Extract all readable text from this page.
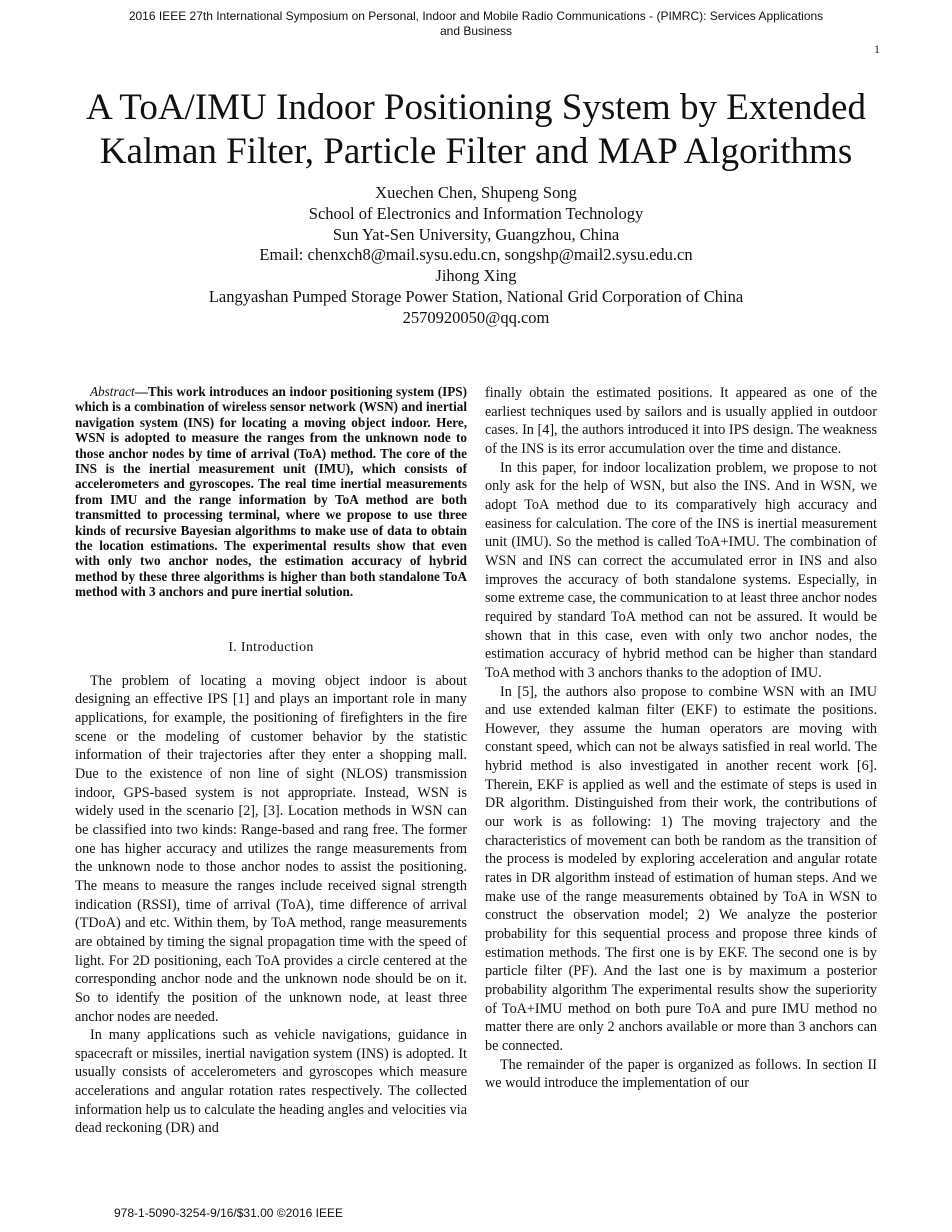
2016 IEEE 27th International Symposium on Personal, Indoor and Mobile Radio Communications - (PIMRC): Services Applications
and Business
1
A ToA/IMU Indoor Positioning System by Extended Kalman Filter, Particle Filter and MAP Algorithms
Xuechen Chen, Shupeng Song
School of Electronics and Information Technology
Sun Yat-Sen University, Guangzhou, China
Email: chenxch8@mail.sysu.edu.cn, songshp@mail2.sysu.edu.cn
Jihong Xing
Langyashan Pumped Storage Power Station, National Grid Corporation of China
2570920050@qq.com

Abstract—This work introduces an indoor positioning system (IPS) which is a combination of wireless sensor network (WSN) and inertial navigation system (INS) for locating a moving object indoor. Here, WSN is adopted to measure the ranges from the unknown node to those anchor nodes by time of arrival (ToA) method. The core of the INS is the inertial measurement unit (IMU), which consists of accelerometers and gyroscopes. The real time inertial measurements from IMU and the range information by ToA method are both transmitted to processing terminal, where we propose to use three kinds of recursive Bayesian algorithms to make use of data to obtain the location estimations. The experimental results show that even with only two anchor nodes, the estimation accuracy of hybrid method by these three algorithms is higher than both standalone ToA method with 3 anchors and pure inertial solution.

I. Introduction

The problem of locating a moving object indoor is about designing an effective IPS [1] and plays an important role in many applications, for example, the positioning of firefighters in the fire scene or the modeling of customer behavior by the statistic information of their trajectories after they enter a shopping mall. Due to the existence of non line of sight (NLOS) transmission indoor, GPS-based system is not appropriate. Instead, WSN is widely used in the scenario [2], [3]. Location methods in WSN can be classified into two kinds: Range-based and rang free. The former one has higher accuracy and utilizes the range measurements from the unknown node to those anchor nodes to assist the positioning. The means to measure the ranges include received signal strength indication (RSSI), time of arrival (ToA), time difference of arrival (TDoA) and etc. Within them, by ToA method, range measurements are obtained by timing the signal propagation time with the speed of light. For 2D positioning, each ToA provides a circle centered at the corresponding anchor node and the unknown node should be on it. So to identify the position of the unknown node, at least three anchor nodes are needed.

In many applications such as vehicle navigations, guidance in spacecraft or missiles, inertial navigation system (INS) is adopted. It usually consists of accelerometers and gyroscopes which measure accelerations and angular rotation rates respectively. The collected information help us to calculate the heading angles and velocities via dead reckoning (DR) and

finally obtain the estimated positions. It appeared as one of the earliest techniques used by sailors and is usually applied in outdoor cases. In [4], the authors introduced it into IPS design. The weakness of the INS is its error accumulation over the time and distance.

In this paper, for indoor localization problem, we propose to not only ask for the help of WSN, but also the INS. And in WSN, we adopt ToA method due to its comparatively high accuracy and easiness for calculation. The core of the INS is inertial measurement unit (IMU). So the method is called ToA+IMU. The combination of WSN and INS can correct the accumulated error in INS and also improves the accuracy of both standalone systems. Especially, in some extreme case, the communication to at least three anchor nodes required by standard ToA method can not be assured. It would be shown that in this case, even with only two anchor nodes, the estimation accuracy of hybrid method can be higher than standard ToA method with 3 anchors thanks to the adoption of IMU.

In [5], the authors also propose to combine WSN with an IMU and use extended kalman filter (EKF) to estimate the positions. However, they assume the human operators are moving with constant speed, which can not be always satisfied in real world. The hybrid method is also investigated in another recent work [6]. Therein, EKF is applied as well and the estimate of steps is used in DR algorithm. Distinguished from their work, the contributions of our work is as following: 1) The moving trajectory and the characteristics of movement can both be random as the transition of the process is modeled by exploring acceleration and angular rotate rates in DR algorithm instead of estimation of human steps. And we make use of the range measurements obtained by ToA in WSN to construct the observation model; 2) We analyze the posterior probability for this sequential process and propose three kinds of estimation methods. The first one is by EKF. The second one is by particle filter (PF). And the last one is by maximum a posterior probability algorithm The experimental results show the superiority of ToA+IMU method on both pure ToA and pure IMU method no matter there are only 2 anchors available or more than 3 anchors can be connected.

The remainder of the paper is organized as follows. In section II we would introduce the implementation of our

978-1-5090-3254-9/16/$31.00 ©2016 IEEE
